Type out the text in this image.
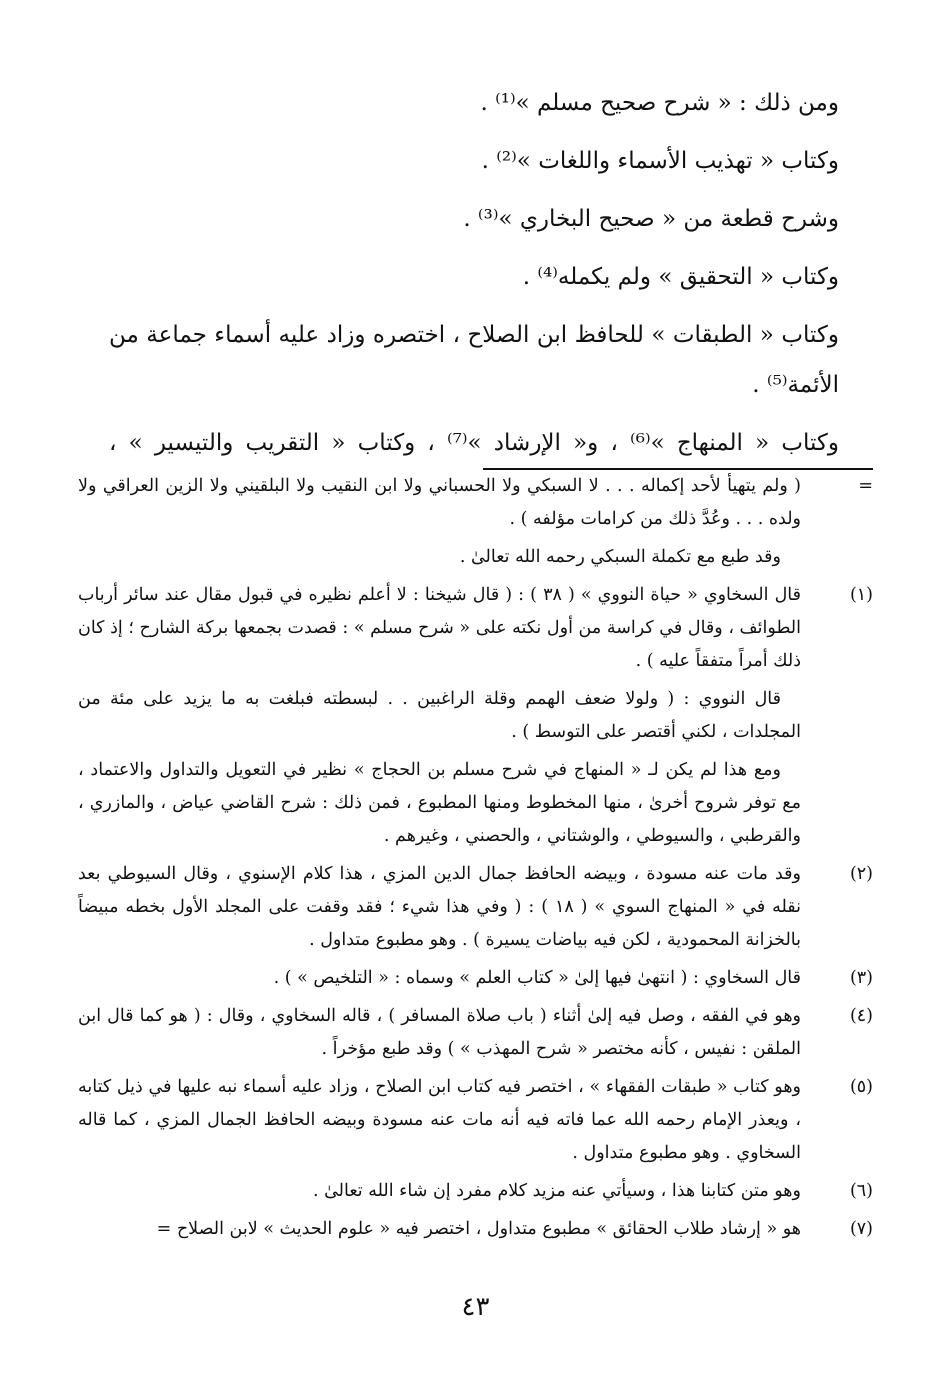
ومن ذلك : « شرح صحيح مسلم »⁽¹⁾ .

وكتاب « تهذيب الأسماء واللغات »⁽²⁾ .

وشرح قطعة من « صحيح البخاري »⁽³⁾ .

وكتاب « التحقيق » ولم يكمله⁽⁴⁾ .

وكتاب « الطبقات » للحافظ ابن الصلاح ، اختصره وزاد عليه أسماء جماعة من الأئمة⁽⁵⁾ .

وكتاب « المنهاج »⁽⁶⁾ ، و« الإرشاد »⁽⁷⁾ ، وكتاب « التقريب والتيسير » ،

=

( ولم يتهيأ لأحد إكماله . . . لا السبكي ولا الحسباني ولا ابن النقيب ولا البلقيني ولا الزين العراقي ولا ولده . . . وعُدَّ ذلك من كرامات مؤلفه ) .

وقد طبع مع تكملة السبكي رحمه الله تعالىٰ .

(١)

قال السخاوي « حياة النووي » ( ٣٨ ) : ( قال شيخنا : لا أعلم نظيره في قبول مقال عند سائر أرباب الطوائف ، وقال في كراسة من أول نكته على « شرح مسلم » : قصدت بجمعها بركة الشارح ؛ إذ كان ذلك أمراً متفقاً عليه ) .

قال النووي : ( ولولا ضعف الهمم وقلة الراغبين . . لبسطته فبلغت به ما يزيد على مئة من المجلدات ، لكني أقتصر على التوسط ) .

ومع هذا لم يكن لـ « المنهاج في شرح مسلم بن الحجاج » نظير في التعويل والتداول والاعتماد ، مع توفر شروح أخرىٰ ، منها المخطوط ومنها المطبوع ، فمن ذلك : شرح القاضي عياض ، والمازري ، والقرطبي ، والسيوطي ، والوشتاني ، والحصني ، وغيرهم .

(٢)

وقد مات عنه مسودة ، وبيضه الحافظ جمال الدين المزي ، هذا كلام الإسنوي ، وقال السيوطي بعد نقله في « المنهاج السوي » ( ١٨ ) : ( وفي هذا شيء ؛ فقد وقفت على المجلد الأول بخطه مبيضاً بالخزانة المحمودية ، لكن فيه بياضات يسيرة ) . وهو مطبوع متداول .

(٣)

قال السخاوي : ( انتهىٰ فيها إلىٰ « كتاب العلم » وسماه : « التلخيص » ) .

(٤)

وهو في الفقه ، وصل فيه إلىٰ أثناء ( باب صلاة المسافر ) ، قاله السخاوي ، وقال : ( هو كما قال ابن الملقن : نفيس ، كأنه مختصر « شرح المهذب » ) وقد طبع مؤخراً .

(٥)

وهو كتاب « طبقات الفقهاء » ، اختصر فيه كتاب ابن الصلاح ، وزاد عليه أسماء نبه عليها في ذيل كتابه ، ويعذر الإمام رحمه الله عما فاته فيه أنه مات عنه مسودة وبيضه الحافظ الجمال المزي ، كما قاله السخاوي . وهو مطبوع متداول .

(٦)

وهو متن كتابنا هذا ، وسيأتي عنه مزيد كلام مفرد إن شاء الله تعالىٰ .

(٧)

هو « إرشاد طلاب الحقائق » مطبوع متداول ، اختصر فيه « علوم الحديث » لابن الصلاح =

٤٣
